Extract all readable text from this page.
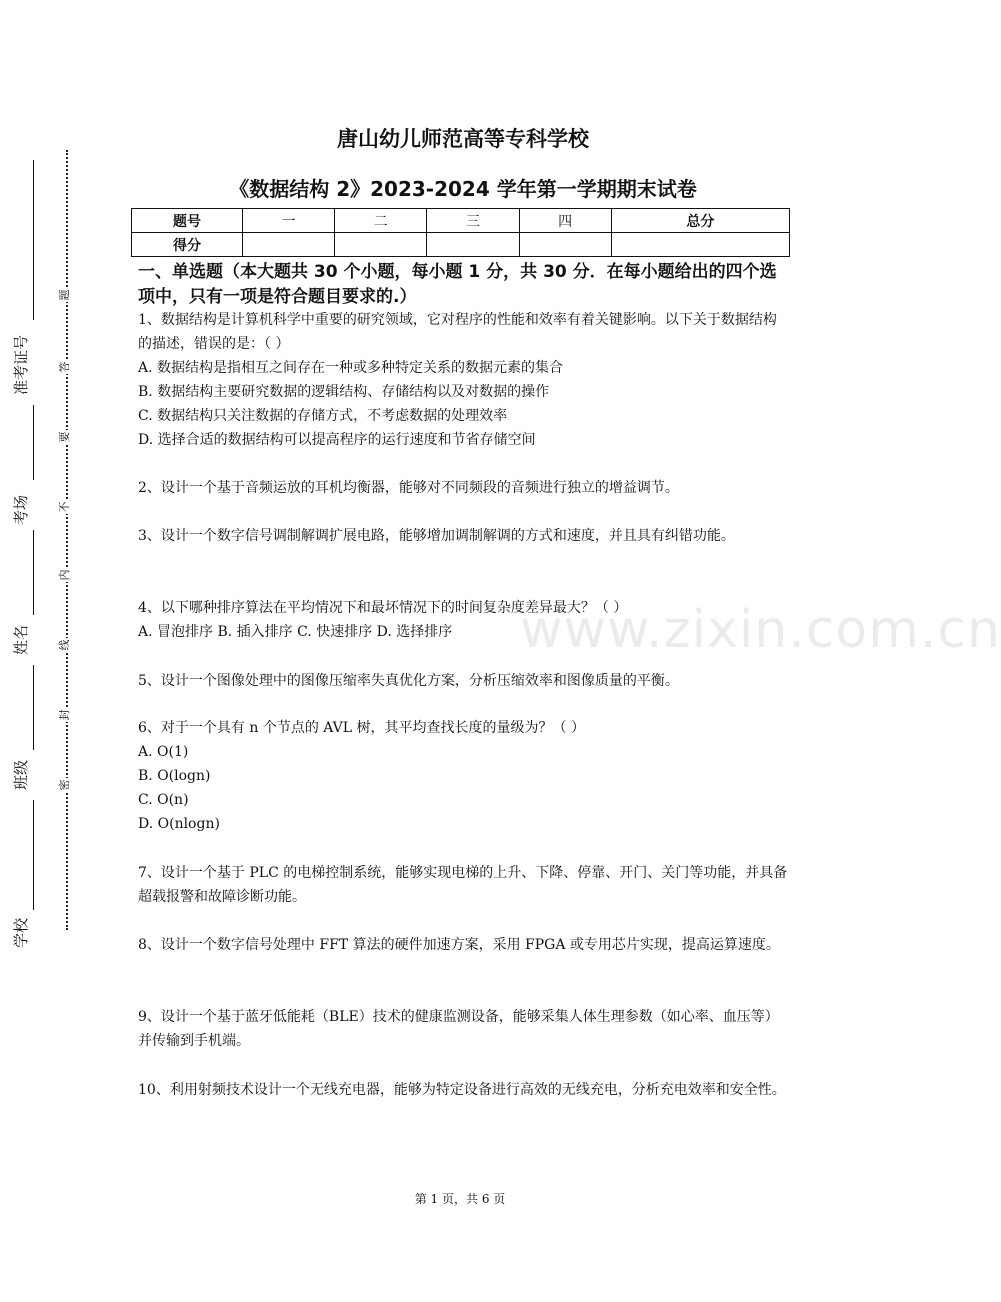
准考证号
考场
姓名
班级
学校
题
答
要
不
内
线
封
密
www.zixin.com.cn
唐山幼儿师范高等专科学校
《数据结构 2》2023-2024 学年第一学期期末试卷
题号	一	二	三	四	总分
得分					
一、单选题（本大题共 30 个小题，每小题 1 分，共 30 分．在每小题给出的四个选项中，只有一项是符合题目要求的.）

1、数据结构是计算机科学中重要的研究领域，它对程序的性能和效率有着关键影响。以下关于数据结构的描述，错误的是：（ ）

A. 数据结构是指相互之间存在一种或多种特定关系的数据元素的集合

B. 数据结构主要研究数据的逻辑结构、存储结构以及对数据的操作

C. 数据结构只关注数据的存储方式，不考虑数据的处理效率

D. 选择合适的数据结构可以提高程序的运行速度和节省存储空间

2、设计一个基于音频运放的耳机均衡器，能够对不同频段的音频进行独立的增益调节。

3、设计一个数字信号调制解调扩展电路，能够增加调制解调的方式和速度，并且具有纠错功能。

4、以下哪种排序算法在平均情况下和最坏情况下的时间复杂度差异最大？（ ）

A. 冒泡排序 B. 插入排序 C. 快速排序 D. 选择排序

5、设计一个图像处理中的图像压缩率失真优化方案，分析压缩效率和图像质量的平衡。

6、对于一个具有 n 个节点的 AVL 树，其平均查找长度的量级为？（ ）

A. O(1)

B. O(logn)

C. O(n)

D. O(nlogn)

7、设计一个基于 PLC 的电梯控制系统，能够实现电梯的上升、下降、停靠、开门、关门等功能，并具备超载报警和故障诊断功能。

8、设计一个数字信号处理中 FFT 算法的硬件加速方案，采用 FPGA 或专用芯片实现，提高运算速度。

9、设计一个基于蓝牙低能耗（BLE）技术的健康监测设备，能够采集人体生理参数（如心率、血压等）并传输到手机端。

10、利用射频技术设计一个无线充电器，能够为特定设备进行高效的无线充电，分析充电效率和安全性。

第 1 页，共 6 页
